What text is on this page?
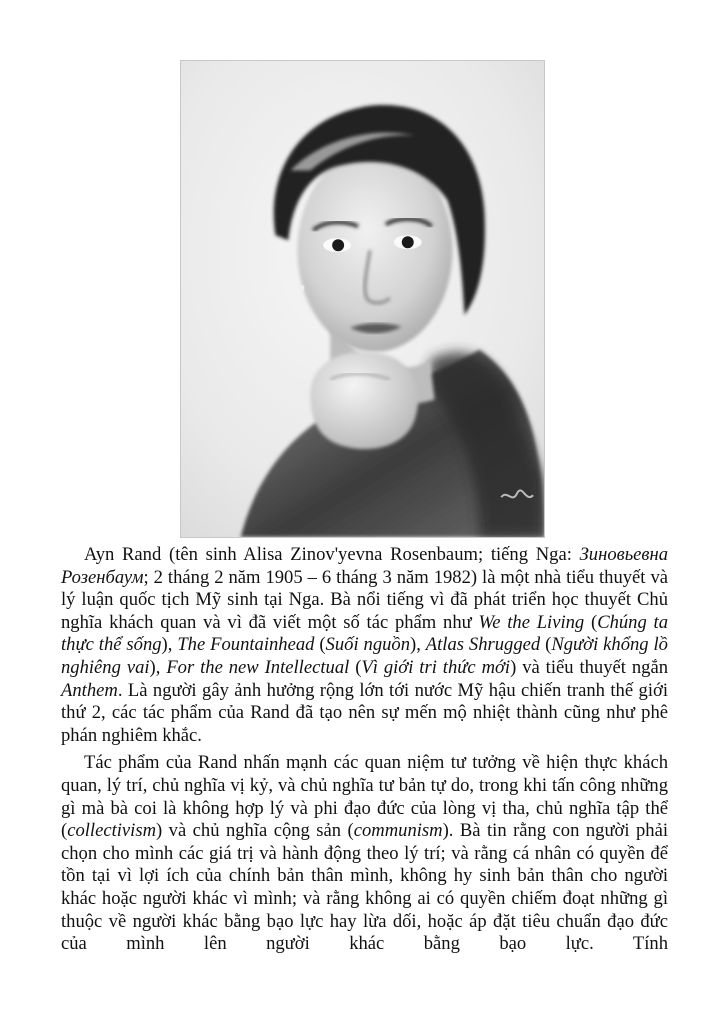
Ayn Rand (tên sinh Alisa Zinov'yevna Rosenbaum; tiếng Nga: Зиновьевна Розенбаум; 2 tháng 2 năm 1905 – 6 tháng 3 năm 1982) là một nhà tiểu thuyết và lý luận quốc tịch Mỹ sinh tại Nga. Bà nổi tiếng vì đã phát triển học thuyết Chủ nghĩa khách quan và vì đã viết một số tác phẩm như We the Living (Chúng ta thực thể sống), The Fountainhead (Suối nguồn), Atlas Shrugged (Người khổng lồ nghiêng vai), For the new Intellectual (Vì giới tri thức mới) và tiểu thuyết ngắn Anthem. Là người gây ảnh hưởng rộng lớn tới nước Mỹ hậu chiến tranh thế giới thứ 2, các tác phẩm của Rand đã tạo nên sự mến mộ nhiệt thành cũng như phê phán nghiêm khắc.

Tác phẩm của Rand nhấn mạnh các quan niệm tư tưởng về hiện thực khách quan, lý trí, chủ nghĩa vị kỷ, và chủ nghĩa tư bản tự do, trong khi tấn công những gì mà bà coi là không hợp lý và phi đạo đức của lòng vị tha, chủ nghĩa tập thể (collectivism) và chủ nghĩa cộng sản (communism). Bà tin rằng con người phải chọn cho mình các giá trị và hành động theo lý trí; và rằng cá nhân có quyền để tồn tại vì lợi ích của chính bản thân mình, không hy sinh bản thân cho người khác hoặc người khác vì mình; và rằng không ai có quyền chiếm đoạt những gì thuộc về người khác bằng bạo lực hay lừa dối, hoặc áp đặt tiêu chuẩn đạo đức của mình lên người khác bằng bạo lực. Tính
